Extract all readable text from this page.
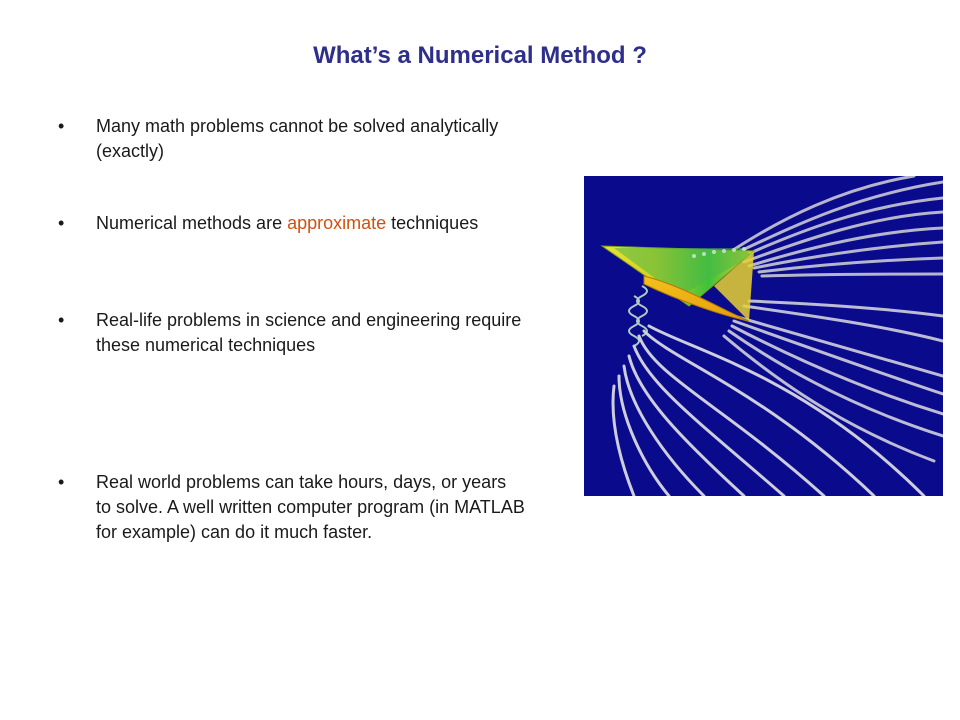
What’s a Numerical Method ?
•	Many math problems cannot be solved analytically (exactly)
•	Numerical methods are approximate techniques
•	Real-life problems in science and engineering require these numerical techniques
•	Real world problems can take hours, days, or years to solve. A well written computer program (in MATLAB for example) can do it much faster.
